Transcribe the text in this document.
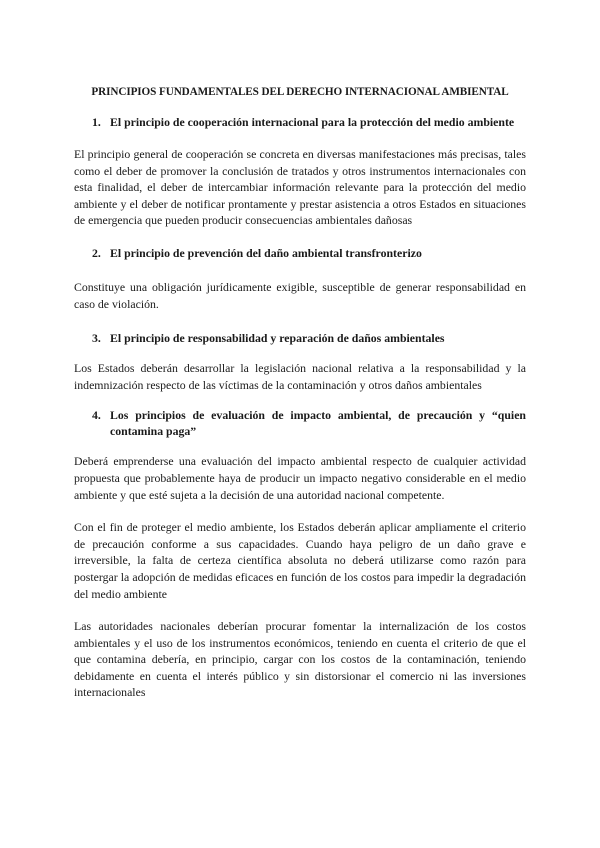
PRINCIPIOS FUNDAMENTALES DEL DERECHO INTERNACIONAL AMBIENTAL
1. El principio de cooperación internacional para la protección del medio ambiente

El principio general de cooperación se concreta en diversas manifestaciones más precisas, tales como el deber de promover la conclusión de tratados y otros instrumentos internacionales con esta finalidad, el deber de intercambiar información relevante para la protección del medio ambiente y el deber de notificar prontamente y prestar asistencia a otros Estados en situaciones de emergencia que pueden producir consecuencias ambientales dañosas

2. El principio de prevención del daño ambiental transfronterizo

Constituye una obligación jurídicamente exigible, susceptible de generar responsabilidad en caso de violación.

3. El principio de responsabilidad y reparación de daños ambientales

Los Estados deberán desarrollar la legislación nacional relativa a la responsabilidad y la indemnización respecto de las víctimas de la contaminación y otros daños ambientales

4. Los principios de evaluación de impacto ambiental, de precaución y “quien contamina paga”

Deberá emprenderse una evaluación del impacto ambiental respecto de cualquier actividad propuesta que probablemente haya de producir un impacto negativo considerable en el medio ambiente y que esté sujeta a la decisión de una autoridad nacional competente.

Con el fin de proteger el medio ambiente, los Estados deberán aplicar ampliamente el criterio de precaución conforme a sus capacidades. Cuando haya peligro de un daño grave e irreversible, la falta de certeza científica absoluta no deberá utilizarse como razón para postergar la adopción de medidas eficaces en función de los costos para impedir la degradación del medio ambiente

Las autoridades nacionales deberían procurar fomentar la internalización de los costos ambientales y el uso de los instrumentos económicos, teniendo en cuenta el criterio de que el que contamina debería, en principio, cargar con los costos de la contaminación, teniendo debidamente en cuenta el interés público y sin distorsionar el comercio ni las inversiones internacionales
